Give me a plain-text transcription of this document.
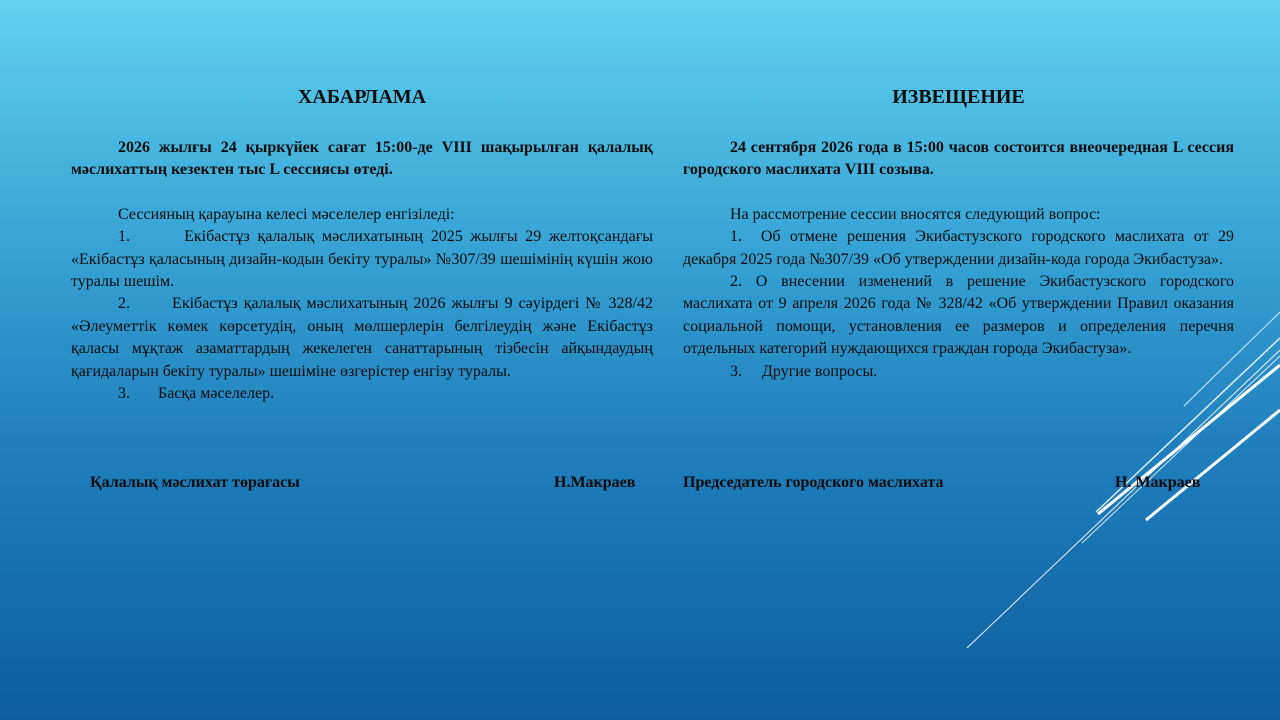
ХАБАРЛАМА

2026 жылғы 24 қыркүйек сағат 15:00-де VIII шақырылған қалалық мәслихаттың кезектен тыс L сессиясы өтеді.

Сессияның қарауына келесі мәселелер енгізіледі:

1.       Екібастұз қалалық мәслихатының 2025 жылғы 29 желтоқсандағы «Екібастұз қаласының дизайн-кодын бекіту туралы» №307/39 шешімінің күшін жою туралы шешім.

2.       Екібастұз қалалық мәслихатының 2026 жылғы 9 сәуірдегі № 328/42 «Әлеуметтік көмек көрсетудің, оның мөлшерлерін белгілеудің және Екібастұз қаласы мұқтаж азаматтардың жекелеген санаттарының тізбесін айқындаудың қағидаларын бекіту туралы» шешіміне өзгерістер енгізу туралы.

3.       Басқа мәселелер.

ИЗВЕЩЕНИЕ

24 сентября 2026 года в 15:00 часов состоится внеочередная L сессия городского маслихата VIII созыва.

На рассмотрение сессии вносятся следующий вопрос:

1.  Об отмене решения Экибастузского городского маслихата от 29 декабря 2025 года №307/39 «Об утверждении дизайн-кода города Экибастуза».

2. О внесении изменений в решение Экибастузского городского маслихата от 9 апреля 2026 года № 328/42 «Об утверждении Правил оказания социальной помощи, установления ее размеров и определения перечня отдельных категорий нуждающихся граждан города Экибастуза».

3.     Другие вопросы.

Қалалық мәслихат төрағасы	Н.Макраев	Председатель городского маслихата	Н. Макраев
